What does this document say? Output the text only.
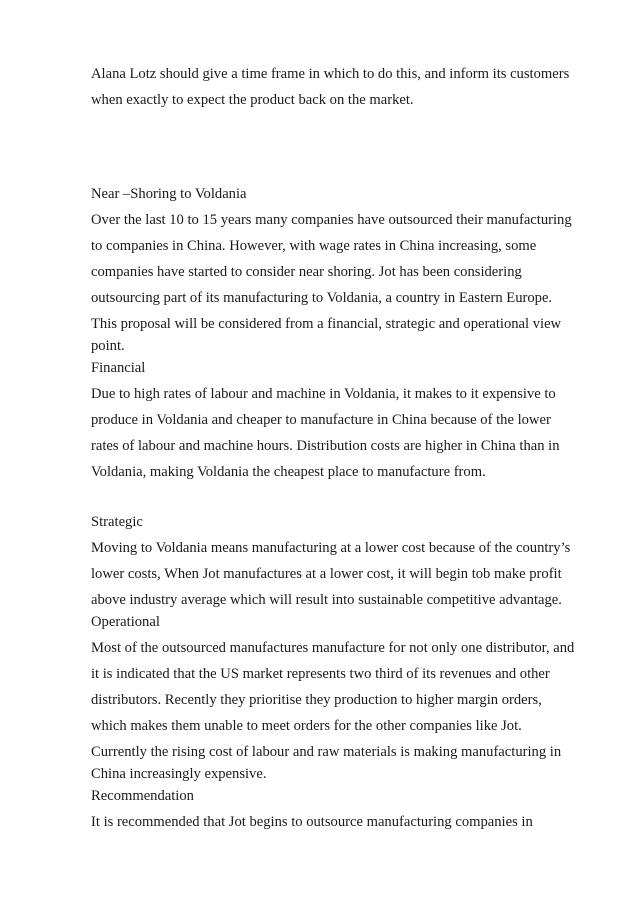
Alana Lotz should give a time frame in which to do this, and inform its customers

when exactly to expect the product back on the market.

Near –Shoring to Voldania

Over the last 10 to 15 years many companies have outsourced their manufacturing

to companies in China. However, with wage rates in China increasing, some

companies have started to consider near shoring. Jot has been considering

outsourcing part of its manufacturing to Voldania, a country in Eastern Europe.

This proposal will be considered from a financial, strategic and operational view

point.

Financial

Due to high rates of labour and machine in Voldania, it makes to it expensive to

produce in Voldania and cheaper to manufacture in China because of the lower

rates of labour and machine hours. Distribution costs are higher in China than in

Voldania, making Voldania the cheapest place to manufacture from.

Strategic

Moving to Voldania means manufacturing at a lower cost because of the country’s

lower costs, When Jot manufactures at a lower cost, it will begin tob make profit

above industry average which will result into sustainable competitive advantage.

Operational

Most of the outsourced manufactures manufacture for not only one distributor, and

it is indicated that the US market represents two third of its revenues and other

distributors. Recently they prioritise they production to higher margin orders,

which makes them unable to meet orders for the other companies like Jot.

Currently the rising cost of labour and raw materials is making manufacturing in

China increasingly expensive.

Recommendation

It is recommended that Jot begins to outsource manufacturing companies in
